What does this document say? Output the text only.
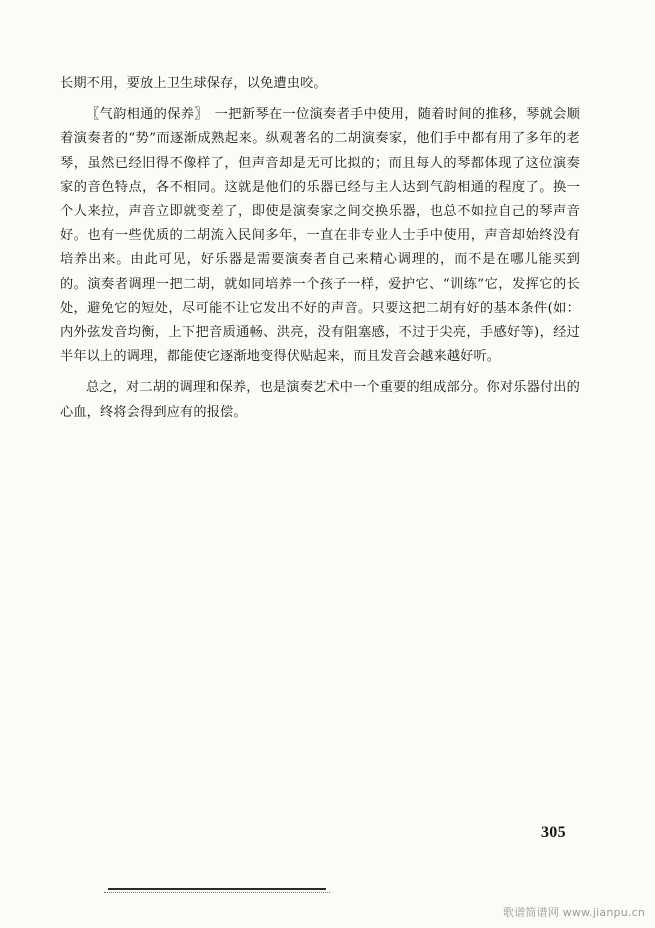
长期不用，要放上卫生球保存，以免遭虫咬。

〖气韵相通的保养〗　一把新琴在一位演奏者手中使用，随着时间的推移，琴就会顺着演奏者的“势”而逐渐成熟起来。纵观著名的二胡演奏家，他们手中都有用了多年的老琴，虽然已经旧得不像样了，但声音却是无可比拟的；而且每人的琴都体现了这位演奏家的音色特点，各不相同。这就是他们的乐器已经与主人达到气韵相通的程度了。换一个人来拉，声音立即就变差了，即使是演奏家之间交换乐器，也总不如拉自己的琴声音好。也有一些优质的二胡流入民间多年，一直在非专业人士手中使用，声音却始终没有培养出来。由此可见，好乐器是需要演奏者自己来精心调理的，而不是在哪儿能买到的。演奏者调理一把二胡，就如同培养一个孩子一样，爱护它、“训练”它，发挥它的长处，避免它的短处，尽可能不让它发出不好的声音。只要这把二胡有好的基本条件(如：内外弦发音均衡，上下把音质通畅、洪亮，没有阻塞感，不过于尖亮，手感好等)，经过半年以上的调理，都能使它逐渐地变得伏贴起来，而且发音会越来越好听。

总之，对二胡的调理和保养，也是演奏艺术中一个重要的组成部分。你对乐器付出的心血，终将会得到应有的报偿。

305
歌谱简谱网 www.jianpu.cn
